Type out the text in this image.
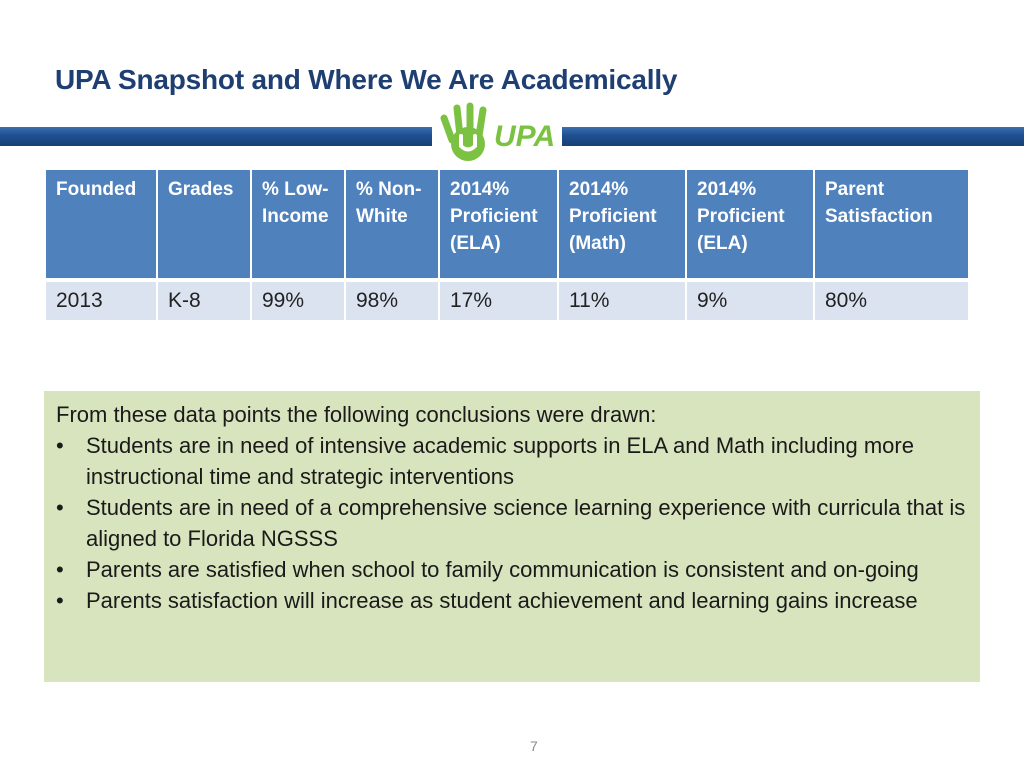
UPA Snapshot and Where We Are Academically
UPA
Founded	Grades	% Low-Income	% Non-White	2014% Proficient (ELA)	2014% Proficient (Math)	2014% Proficient (ELA)	Parent Satisfaction

2013	K-8	99%	98%	17%	11%	9%	80%
From these data points the following conclusions were drawn:
• Students are in need of intensive academic supports in ELA and Math including more instructional time and strategic interventions
• Students are in need of a comprehensive science learning experience with curricula that is aligned to Florida NGSSS
• Parents are satisfied when school to family communication is consistent and on-going
• Parents satisfaction will increase as student achievement and learning gains increase
7
